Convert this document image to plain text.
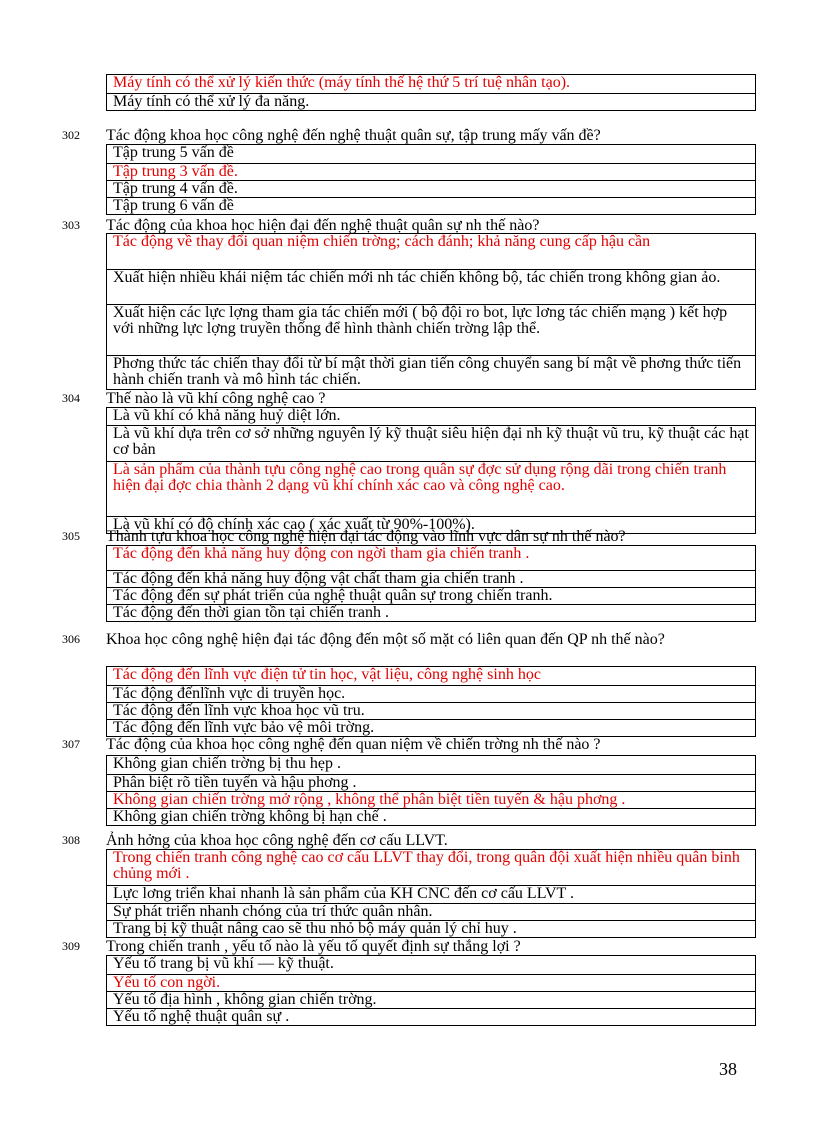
Máy tính có thể xử lý kiến thức (máy tính thế hệ thứ 5 trí tuệ nhân tạo).
Máy tính có thể xử lý đa năng.
302 Tác động khoa học công nghệ đến nghệ thuật quân sự, tập trung mấy vấn đề?
Tập trung 5 vấn đề
Tập trung 3 vấn đề.
Tập trung 4 vấn đề.
Tập trung 6 vấn đề
303 Tác động của khoa học hiện đại đến nghệ thuật quân sự nh thế nào?
Tác động về thay đổi quan niệm chiến trờng; cách đánh; khả năng cung cấp hậu cần
Xuất hiện nhiều khái niệm tác chiến mới nh tác chiến không bộ, tác chiến trong không gian ảo.
Xuất hiện các lực lợng tham gia tác chiến mới ( bộ đội ro bot, lực lơng tác chiến mạng ) kết hợp với những lực lợng truyền thống để hình thành chiến trờng lập thể.
Phơng thức tác chiến thay đổi từ bí mật thời gian tiến công chuyển sang bí mật về phơng thức tiến hành chiến tranh và mô hình tác chiến.
304 Thế nào là vũ khí công nghệ cao ?
Là vũ khí có khả năng huỷ diệt lớn.
Là vũ khí dựa trên cơ sở những nguyên lý kỹ thuật siêu hiện đại nh kỹ thuật vũ tru, kỹ thuật các hạt cơ bản
Là sản phẩm của thành tựu công nghệ cao trong quân sự đợc sử dụng rộng dãi trong chiến tranh hiện đại đợc chia thành 2 dạng vũ khí chính xác cao và công nghệ cao.
Là vũ khí có độ chính xác cao ( xác xuất từ 90%-100%).
305 Thành tựu khoa học công nghệ hiện đại tác động vào lĩnh vực dân sự nh thế nào?
Tác động đến khả năng huy động con ngời tham gia chiến tranh .
Tác động đến khả năng huy động vật chất tham gia chiến tranh .
Tác động đến sự phát triển của nghệ thuật quân sự trong chiến tranh.
Tác động đến thời gian tồn tại chiến tranh .
306 Khoa học công nghệ hiện đại tác động đến một số mặt có liên quan đến QP nh thế nào?
Tác động đến lĩnh vực điện tử tin học, vật liệu, công nghệ sinh học
Tác động đếnlĩnh vực di truyền học.
Tác động đến lĩnh vực khoa học vũ tru.
Tác động đến lĩnh vực bảo vệ môi trờng.
307 Tác động của khoa học công nghệ đến quan niệm về chiến trờng nh thế nào ?
Không gian chiến trờng bị thu hẹp .
Phân biệt rõ tiền tuyến và hậu phơng .
Không gian chiến trờng mở rộng , không thể phân biệt tiền tuyến & hậu phơng .
Không gian chiến trờng không bị hạn chế .
308 Ảnh hởng của khoa học công nghệ đến cơ cấu LLVT.
Trong chiến tranh công nghệ cao cơ cấu LLVT thay đổi, trong quân đội xuất hiện nhiều quân binh chủng mới .
Lực lơng triển khai nhanh là sản phẩm của KH CNC đến cơ cấu LLVT .
Sự phát triển nhanh chóng của trí thức quân nhân.
Trang bị kỹ thuật nâng cao sẽ thu nhỏ bộ máy quản lý chỉ huy .
309 Trong chiến tranh , yếu tố nào là yếu tố quyết định sự thắng lợi ?
Yếu tố trang bị vũ khí — kỹ thuật.
Yếu tố con ngời.
Yếu tố địa hình , không gian chiến trờng.
Yếu tố nghệ thuật quân sự .
38
